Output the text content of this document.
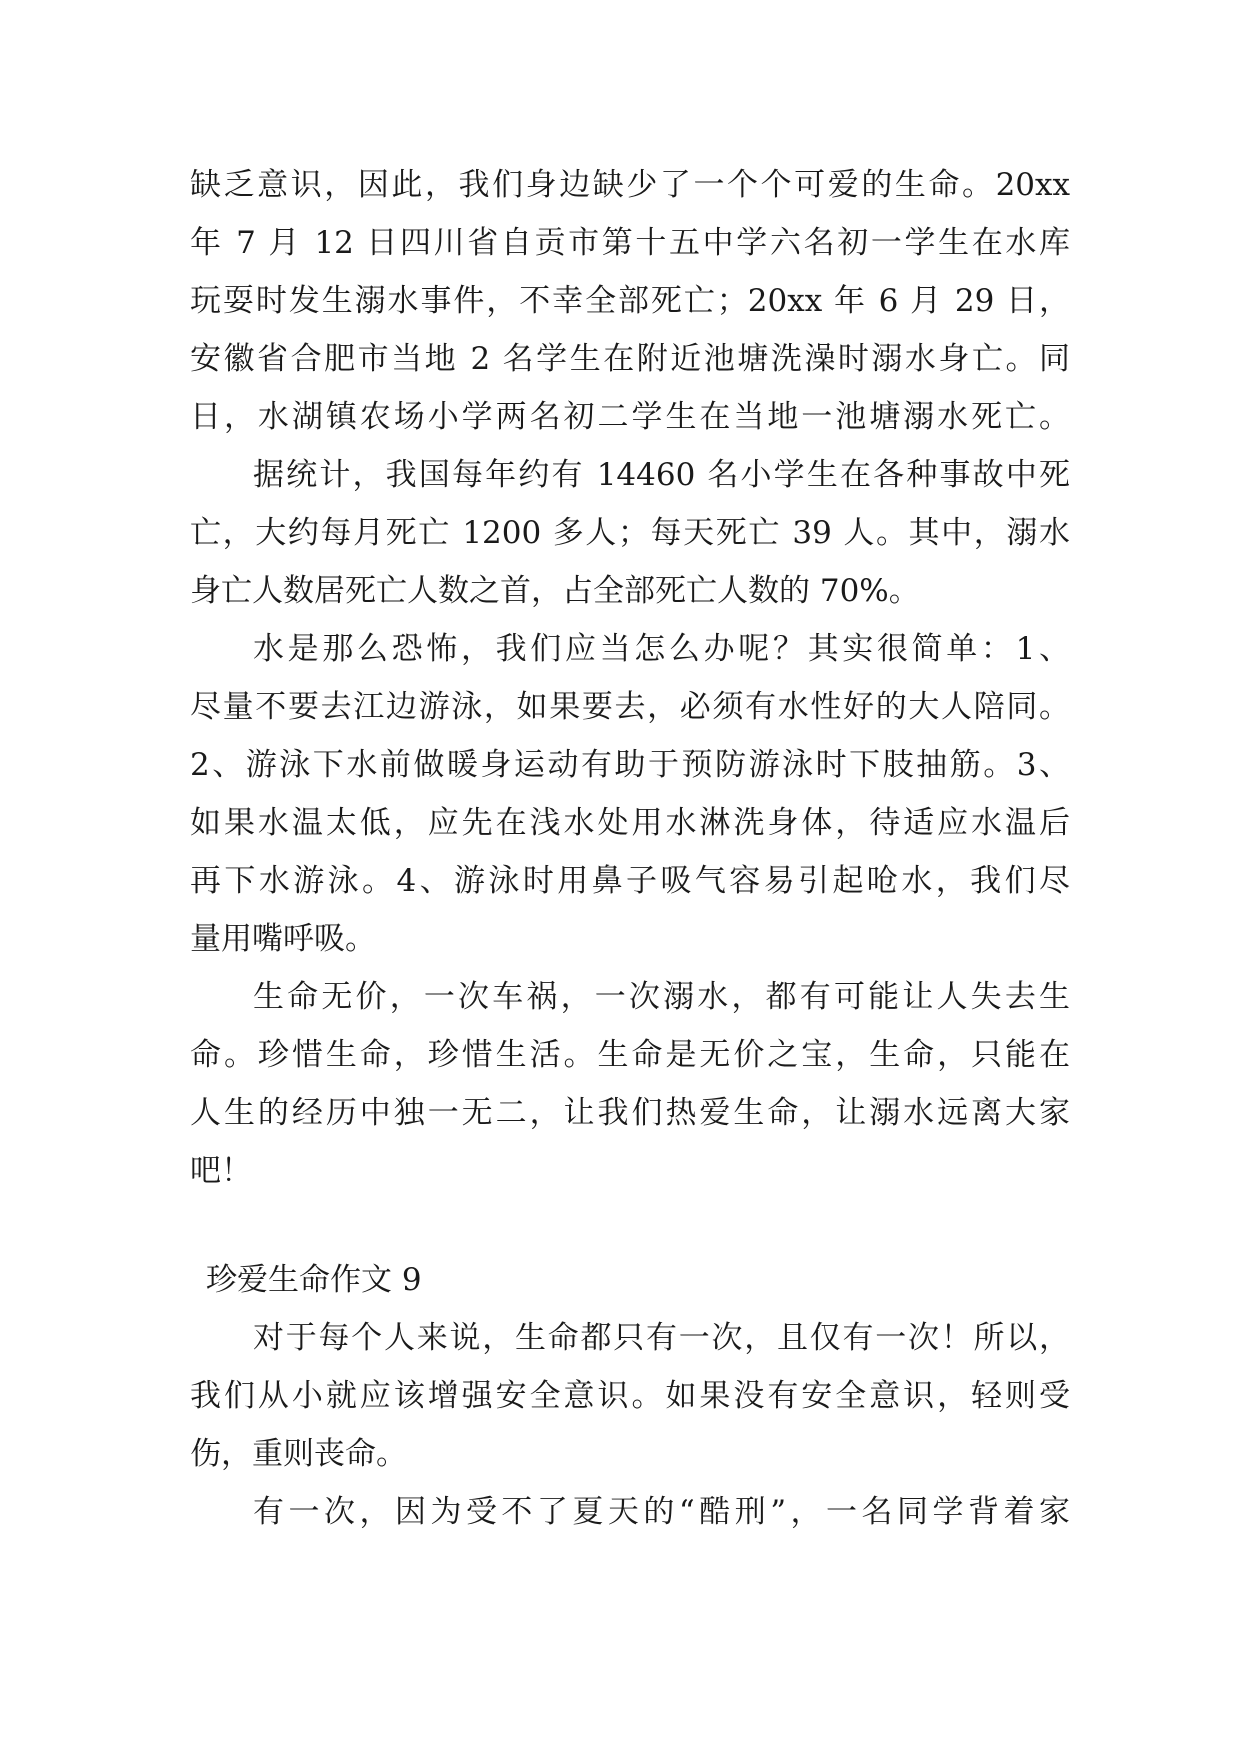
缺乏意识，因此，我们身边缺少了一个个可爱的生命。20xx
年 7 月 12 日四川省自贡市第十五中学六名初一学生在水库
玩耍时发生溺水事件，不幸全部死亡；20xx 年 6 月 29 日，
安徽省合肥市当地 2 名学生在附近池塘洗澡时溺水身亡。同
日，水湖镇农场小学两名初二学生在当地一池塘溺水死亡。
据统计，我国每年约有 14460 名小学生在各种事故中死
亡，大约每月死亡 1200 多人；每天死亡 39 人。其中，溺水
身亡人数居死亡人数之首，占全部死亡人数的 70%。
水是那么恐怖，我们应当怎么办呢？其实很简单：1、
尽量不要去江边游泳，如果要去，必须有水性好的大人陪同。
2、游泳下水前做暖身运动有助于预防游泳时下肢抽筋。3、
如果水温太低，应先在浅水处用水淋洗身体，待适应水温后
再下水游泳。4、游泳时用鼻子吸气容易引起呛水，我们尽
量用嘴呼吸。
生命无价，一次车祸，一次溺水，都有可能让人失去生
命。珍惜生命，珍惜生活。生命是无价之宝，生命，只能在
人生的经历中独一无二，让我们热爱生命，让溺水远离大家
吧！
珍爱生命作文 9
对于每个人来说，生命都只有一次，且仅有一次！所以，
我们从小就应该增强安全意识。如果没有安全意识，轻则受
伤，重则丧命。
有一次，因为受不了夏天的“酷刑”，一名同学背着家
